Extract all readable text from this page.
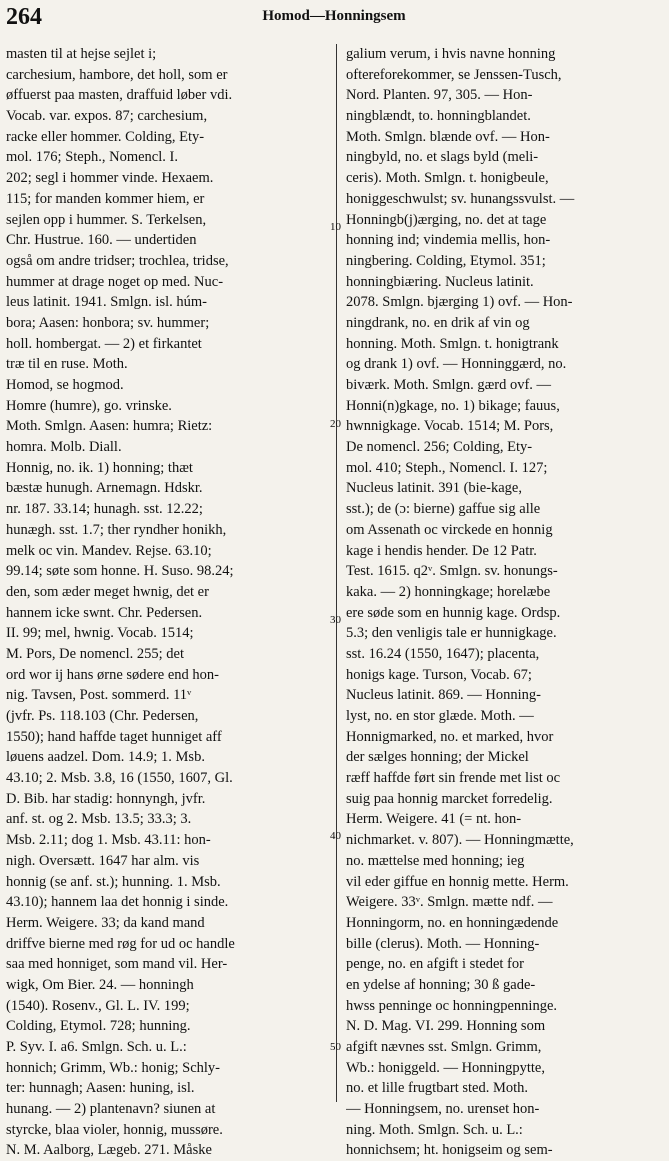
264	Homod—Honningsem
masten til at hejse sejlet i;
carchesium, hambore, det holl, som er
øffuerst paa masten, draffuid løber vdi.
Vocab. var. expos. 87; carchesium,
racke eller hommer. Colding, Ety-
mol. 176; Steph., Nomencl. I.
202; segl i hommer vinde. Hexaem.
115; for manden kommer hiem, er
sejlen opp i hummer. S. Terkelsen,
Chr. Hustrue. 160. — undertiden
også om andre tridser; trochlea, tridse,
hummer at drage noget op med. Nuc-
leus latinit. 1941. Smlgn. isl. húm-
bora; Aasen: honbora; sv. hummer;
holl. hombergat. — 2) et firkantet
træ til en ruse. Moth.
Homod, se hogmod.
Homre (humre), go. vrinske.
Moth. Smlgn. Aasen: humra; Rietz:
homra. Molb. Diall.
Honnig, no. ik. 1) honning; thæt
bæstæ hunugh. Arnemagn. Hdskr.
nr. 187. 33.14; hunagh. sst. 12.22;
hunægh. sst. 1.7; ther ryndher honikh,
melk oc vin. Mandev. Rejse. 63.10;
99.14; søte som honne. H. Suso. 98.24;
den, som æder meget hwnig, det er
hannem icke swnt. Chr. Pedersen.
II. 99; mel, hwnig. Vocab. 1514;
M. Pors, De nomencl. 255; det
ord wor ij hans ørne sødere end hon-
nig. Tavsen, Post. sommerd. 11ᵛ
(jvfr. Ps. 118.103 (Chr. Pedersen,
1550); hand haffde taget hunniget aff
løuens aadzel. Dom. 14.9; 1. Msb.
43.10; 2. Msb. 3.8, 16 (1550, 1607, Gl.
D. Bib. har stadig: honnyngh, jvfr.
anf. st. og 2. Msb. 13.5; 33.3; 3.
Msb. 2.11; dog 1. Msb. 43.11: hon-
nigh. Oversætt. 1647 har alm. vis
honnig (se anf. st.); hunning. 1. Msb.
43.10); hannem laa det honnig i sinde.
Herm. Weigere. 33; da kand mand
driffve bierne med røg for ud oc handle
saa med honniget, som mand vil. Her-
wigk, Om Bier. 24. — honningh
(1540). Rosenv., Gl. L. IV. 199;
Colding, Etymol. 728; hunning.
P. Syv. I. a6. Smlgn. Sch. u. L.:
honnich; Grimm, Wb.: honig; Schly-
ter: hunnagh; Aasen: huning, isl.
hunang. — 2) plantenavn? siunen at
styrcke, blaa violer, honnig, mussøre.
N. M. Aalborg, Lægeb. 271. Måske
galium verum, i hvis navne honning
oftereforekommer, se Jenssen-Tusch,
Nord. Planten. 97, 305. — Hon-
ningblændt, to. honningblandet.
Moth. Smlgn. blænde ovf. — Hon-
ningbyld, no. et slags byld (meli-
ceris). Moth. Smlgn. t. honigbeule,
honiggeschwulst; sv. hunangssvulst. —
Honningb(j)ærging, no. det at tage
honning ind; vindemia mellis, hon-
ningbering. Colding, Etymol. 351;
honningbiæring. Nucleus latinit.
2078. Smlgn. bjærging 1) ovf. — Hon-
ningdrank, no. en drik af vin og
honning. Moth. Smlgn. t. honigtrank
og drank 1) ovf. — Honninggærd, no.
biværk. Moth. Smlgn. gærd ovf. —
Honni(n)gkage, no. 1) bikage; fauus,
hwnnigkage. Vocab. 1514; M. Pors,
De nomencl. 256; Colding, Ety-
mol. 410; Steph., Nomencl. I. 127;
Nucleus latinit. 391 (bie-kage,
sst.); de (ɔ: bierne) gaffue sig alle
om Assenath oc virckede en honnig
kage i hendis hender. De 12 Patr.
Test. 1615. q2ᵛ. Smlgn. sv. honungs-
kaka. — 2) honningkage; horelæbe
ere søde som en hunnig kage. Ordsp.
5.3; den venligis tale er hunnigkage.
sst. 16.24 (1550, 1647); placenta,
honigs kage. Turson, Vocab. 67;
Nucleus latinit. 869. — Honning-
lyst, no. en stor glæde. Moth. —
Honnigmarked, no. et marked, hvor
der sælges honning; der Mickel
ræff haffde ført sin frende met list oc
suig paa honnig marcket forredelig.
Herm. Weigere. 41 (= nt. hon-
nichmarket. v. 807). — Honningmætte,
no. mættelse med honning; ieg
vil eder giffue en honnig mette. Herm.
Weigere. 33ᵛ. Smlgn. mætte ndf. —
Honningorm, no. en honningædende
bille (clerus). Moth. — Honning-
penge, no. en afgift i stedet for
en ydelse af honning; 30 ß gade-
hwss penninge oc honningpenninge.
N. D. Mag. VI. 299. Honning som
afgift nævnes sst. Smlgn. Grimm,
Wb.: honiggeld. — Honningpytte,
no. et lille frugtbart sted. Moth.
— Honningsem, no. urenset hon-
ning. Moth. Smlgn. Sch. u. L.:
honnichsem; ht. honigseim og sem-
10
20
30
40
50
